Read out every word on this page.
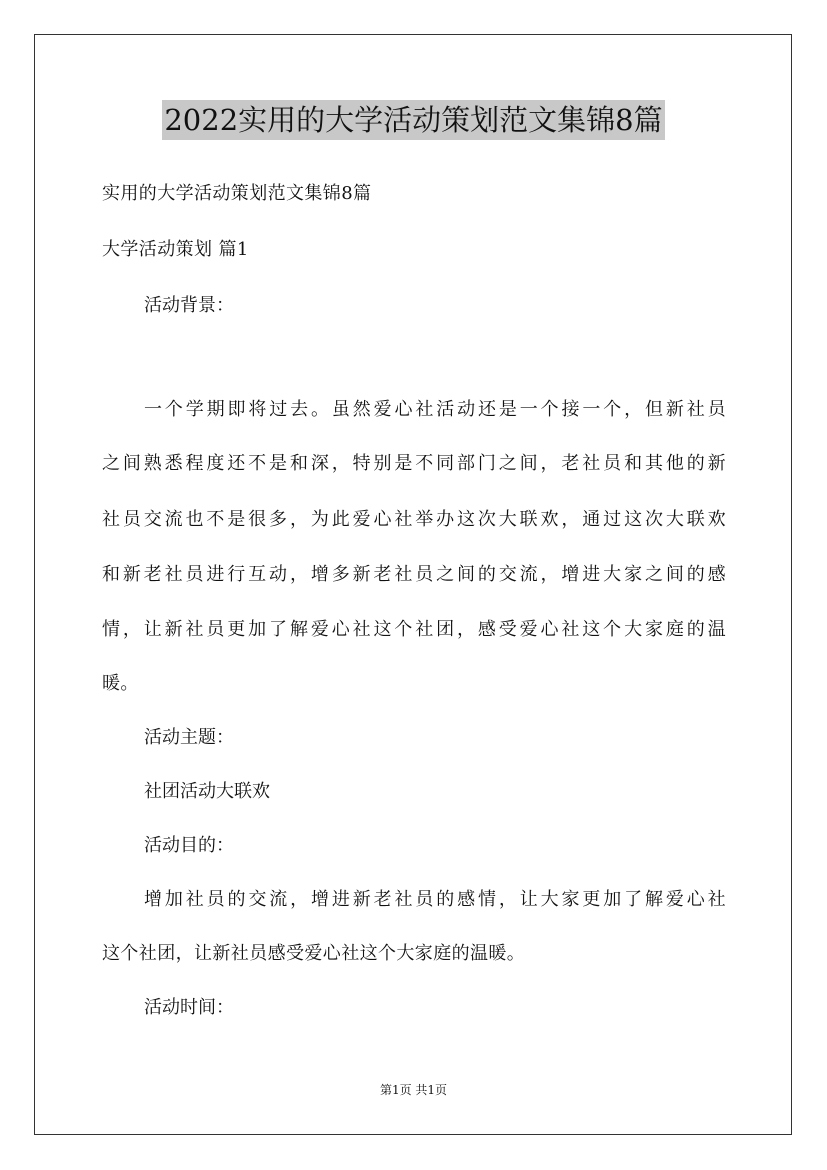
2022实用的大学活动策划范文集锦8篇
实用的大学活动策划范文集锦8篇
大学活动策划 篇1
活动背景：
一个学期即将过去。虽然爱心社活动还是一个接一个，但新社员
之间熟悉程度还不是和深，特别是不同部门之间，老社员和其他的新
社员交流也不是很多，为此爱心社举办这次大联欢，通过这次大联欢
和新老社员进行互动，增多新老社员之间的交流，增进大家之间的感
情，让新社员更加了解爱心社这个社团，感受爱心社这个大家庭的温
暖。
活动主题：
社团活动大联欢
活动目的：
增加社员的交流，增进新老社员的感情，让大家更加了解爱心社
这个社团，让新社员感受爱心社这个大家庭的温暖。
活动时间：
第1页 共1页
